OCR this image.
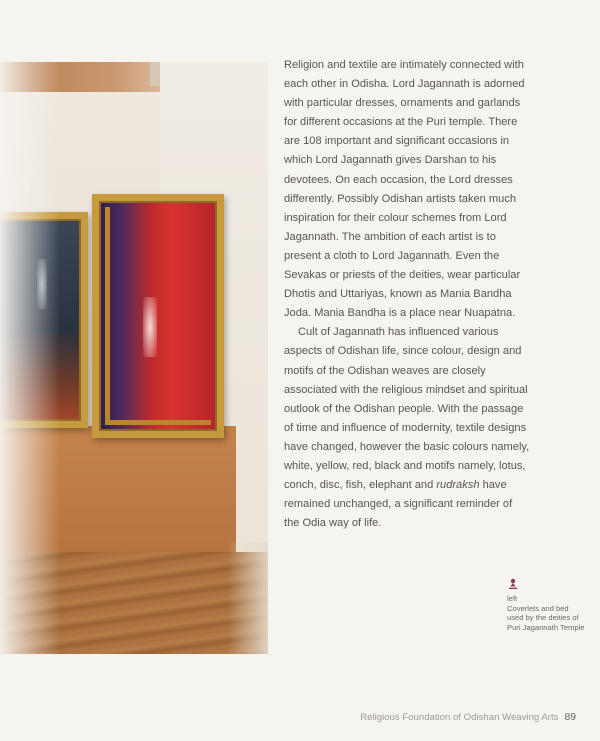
Religion and textile are intimately connected with each other in Odisha. Lord Jagannath is adorned with particular dresses, ornaments and garlands for different occasions at the Puri temple. There are 108 important and significant occasions in which Lord Jagannath gives Darshan to his devotees. On each occasion, the Lord dresses differently. Possibly Odishan artists taken much inspiration for their colour schemes from Lord Jagannath. The ambition of each artist is to present a cloth to Lord Jagannath. Even the Sevakas or priests of the deities, wear particular Dhotis and Uttariyas, known as Mania Bandha Joda. Mania Bandha is a place near Nuapatna.

Cult of Jagannath has influenced various aspects of Odishan life, since colour, design and motifs of the Odishan weaves are closely associated with the religious mindset and spiritual outlook of the Odishan people. With the passage of time and influence of modernity, textile designs have changed, however the basic colours namely, white, yellow, red, black and motifs namely, lotus, conch, disc, fish, elephant and rudraksh have remained unchanged, a significant reminder of the Odia way of life.

left
Coverlets and bed used by the deities of Puri Jagannath Temple
Religious Foundation of Odishan Weaving Arts 89
